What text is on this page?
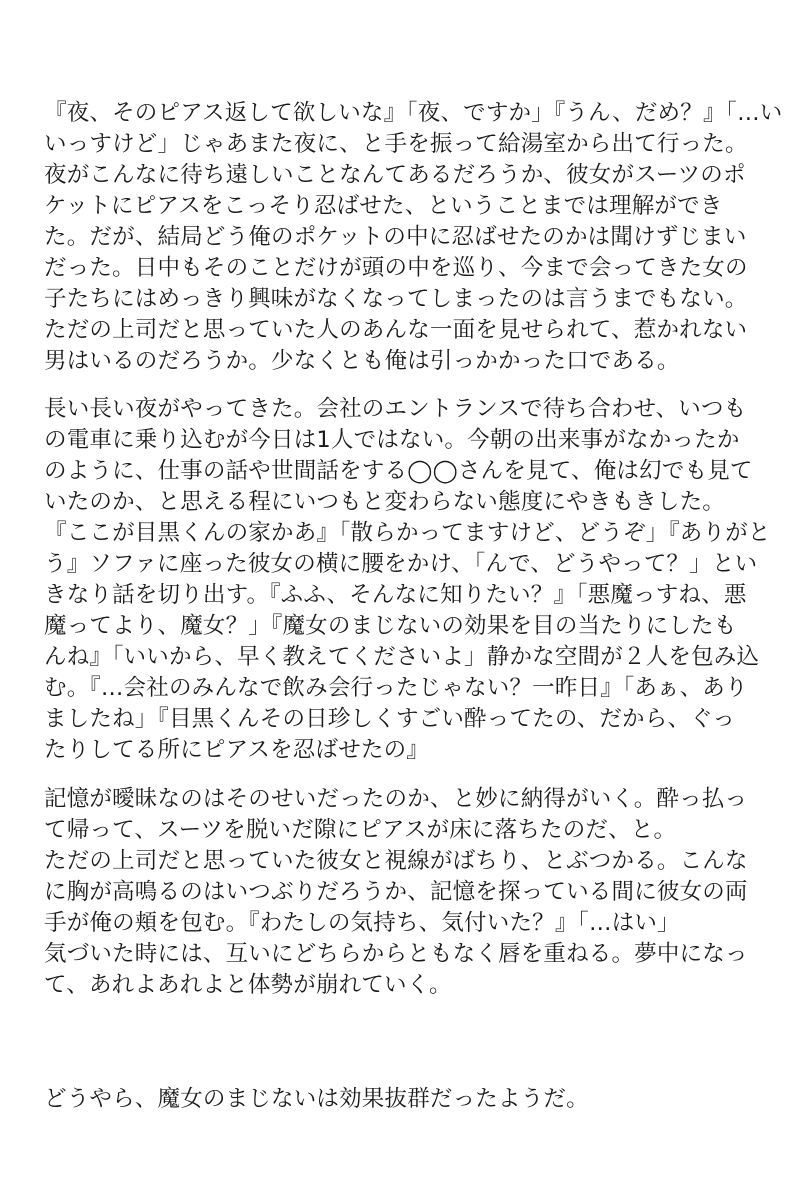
『夜、そのピアス返して欲しいな』「夜、ですか」『うん、だめ？』「…い
いっすけど」じゃあまた夜に、と手を振って給湯室から出て行った。
夜がこんなに待ち遠しいことなんてあるだろうか、彼女がスーツのポ
ケットにピアスをこっそり忍ばせた、ということまでは理解ができ
た。だが、結局どう俺のポケットの中に忍ばせたのかは聞けずじまい
だった。日中もそのことだけが頭の中を巡り、今まで会ってきた女の
子たちにはめっきり興味がなくなってしまったのは言うまでもない。
ただの上司だと思っていた人のあんな一面を見せられて、惹かれない
男はいるのだろうか。少なくとも俺は引っかかった口である。
長い長い夜がやってきた。会社のエントランスで待ち合わせ、いつも
の電車に乗り込むが今日は1人ではない。今朝の出来事がなかったか
のように、仕事の話や世間話をする◯◯さんを見て、俺は幻でも見て
いたのか、と思える程にいつもと変わらない態度にやきもきした。
『ここが目黒くんの家かあ』「散らかってますけど、どうぞ」『ありがと
う』ソファに座った彼女の横に腰をかけ、「んで、どうやって？」とい
きなり話を切り出す。『ふふ、そんなに知りたい？』「悪魔っすね、悪
魔ってより、魔女？」『魔女のまじないの効果を目の当たりにしたも
んね』「いいから、早く教えてくださいよ」静かな空間が２人を包み込
む。『…会社のみんなで飲み会行ったじゃない？一昨日』「あぁ、あり
ましたね」『目黒くんその日珍しくすごい酔ってたの、だから、ぐっ
たりしてる所にピアスを忍ばせたの』
記憶が曖昧なのはそのせいだったのか、と妙に納得がいく。酔っ払っ
て帰って、スーツを脱いだ隙にピアスが床に落ちたのだ、と。
ただの上司だと思っていた彼女と視線がばちり、とぶつかる。こんな
に胸が高鳴るのはいつぶりだろうか、記憶を探っている間に彼女の両
手が俺の頬を包む。『わたしの気持ち、気付いた？』「…はい」
気づいた時には、互いにどちらからともなく唇を重ねる。夢中になっ
て、あれよあれよと体勢が崩れていく。
どうやら、魔女のまじないは効果抜群だったようだ。
